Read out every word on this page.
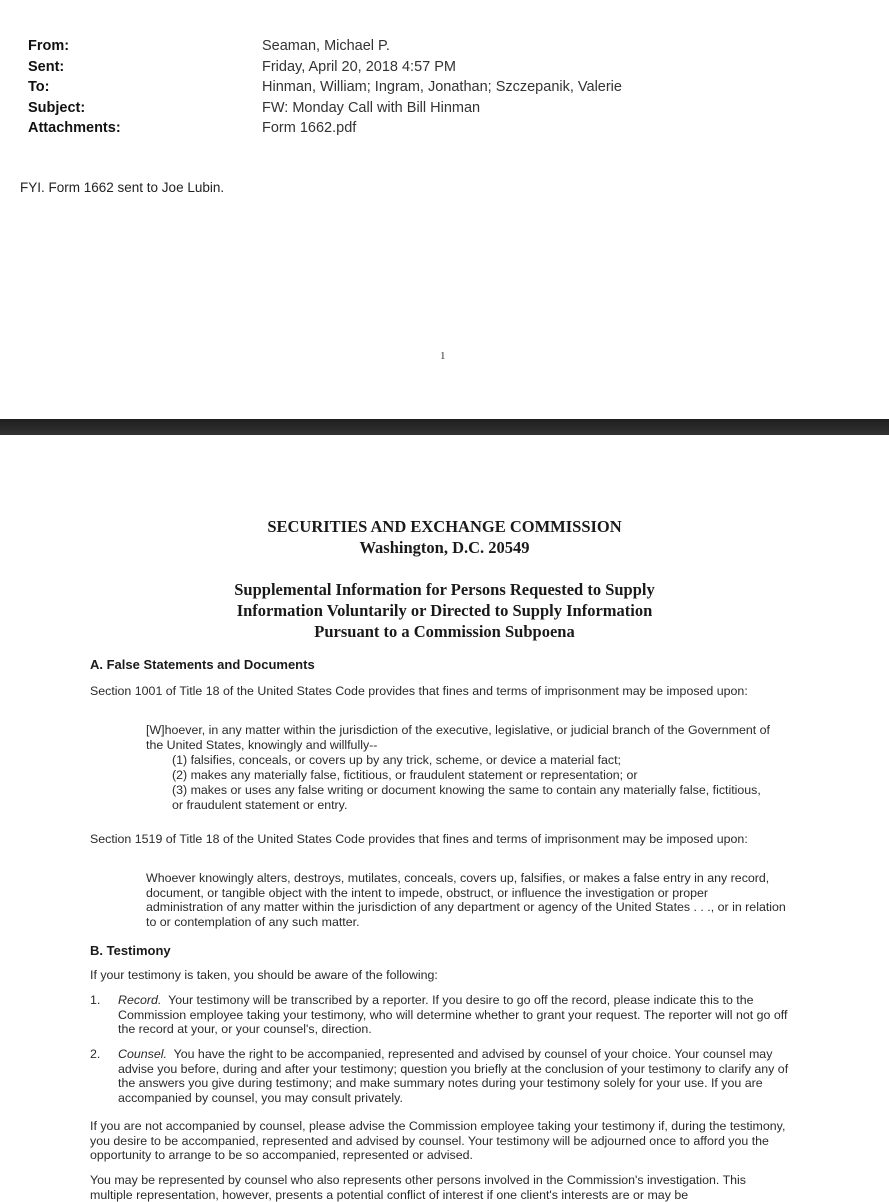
From:	Seaman, Michael P.
Sent:	Friday, April 20, 2018 4:57 PM
To:	Hinman, William; Ingram, Jonathan; Szczepanik, Valerie
Subject:	FW: Monday Call with Bill Hinman
Attachments:	Form 1662.pdf
FYI. Form 1662 sent to Joe Lubin.
1
SECURITIES AND EXCHANGE COMMISSION
Washington, D.C. 20549
Supplemental Information for Persons Requested to Supply
Information Voluntarily or Directed to Supply Information
Pursuant to a Commission Subpoena
A. False Statements and Documents
Section 1001 of Title 18 of the United States Code provides that fines and terms of imprisonment may be imposed upon:
[W]hoever, in any matter within the jurisdiction of the executive, legislative, or judicial branch of the Government of the United States, knowingly and willfully--
(1) falsifies, conceals, or covers up by any trick, scheme, or device a material fact;
(2) makes any materially false, fictitious, or fraudulent statement or representation; or
(3) makes or uses any false writing or document knowing the same to contain any materially false, fictitious, or fraudulent statement or entry.
Section 1519 of Title 18 of the United States Code provides that fines and terms of imprisonment may be imposed upon:
Whoever knowingly alters, destroys, mutilates, conceals, covers up, falsifies, or makes a false entry in any record, document, or tangible object with the intent to impede, obstruct, or influence the investigation or proper administration of any matter within the jurisdiction of any department or agency of the United States . . ., or in relation to or contemplation of any such matter.
B. Testimony
If your testimony is taken, you should be aware of the following:
1.	Record. Your testimony will be transcribed by a reporter. If you desire to go off the record, please indicate this to the Commission employee taking your testimony, who will determine whether to grant your request. The reporter will not go off the record at your, or your counsel's, direction.
2.	Counsel. You have the right to be accompanied, represented and advised by counsel of your choice. Your counsel may advise you before, during and after your testimony; question you briefly at the conclusion of your testimony to clarify any of the answers you give during testimony; and make summary notes during your testimony solely for your use. If you are accompanied by counsel, you may consult privately.
If you are not accompanied by counsel, please advise the Commission employee taking your testimony if, during the testimony, you desire to be accompanied, represented and advised by counsel. Your testimony will be adjourned once to afford you the opportunity to arrange to be so accompanied, represented or advised.
You may be represented by counsel who also represents other persons involved in the Commission's investigation. This multiple representation, however, presents a potential conflict of interest if one client's interests are or may be
